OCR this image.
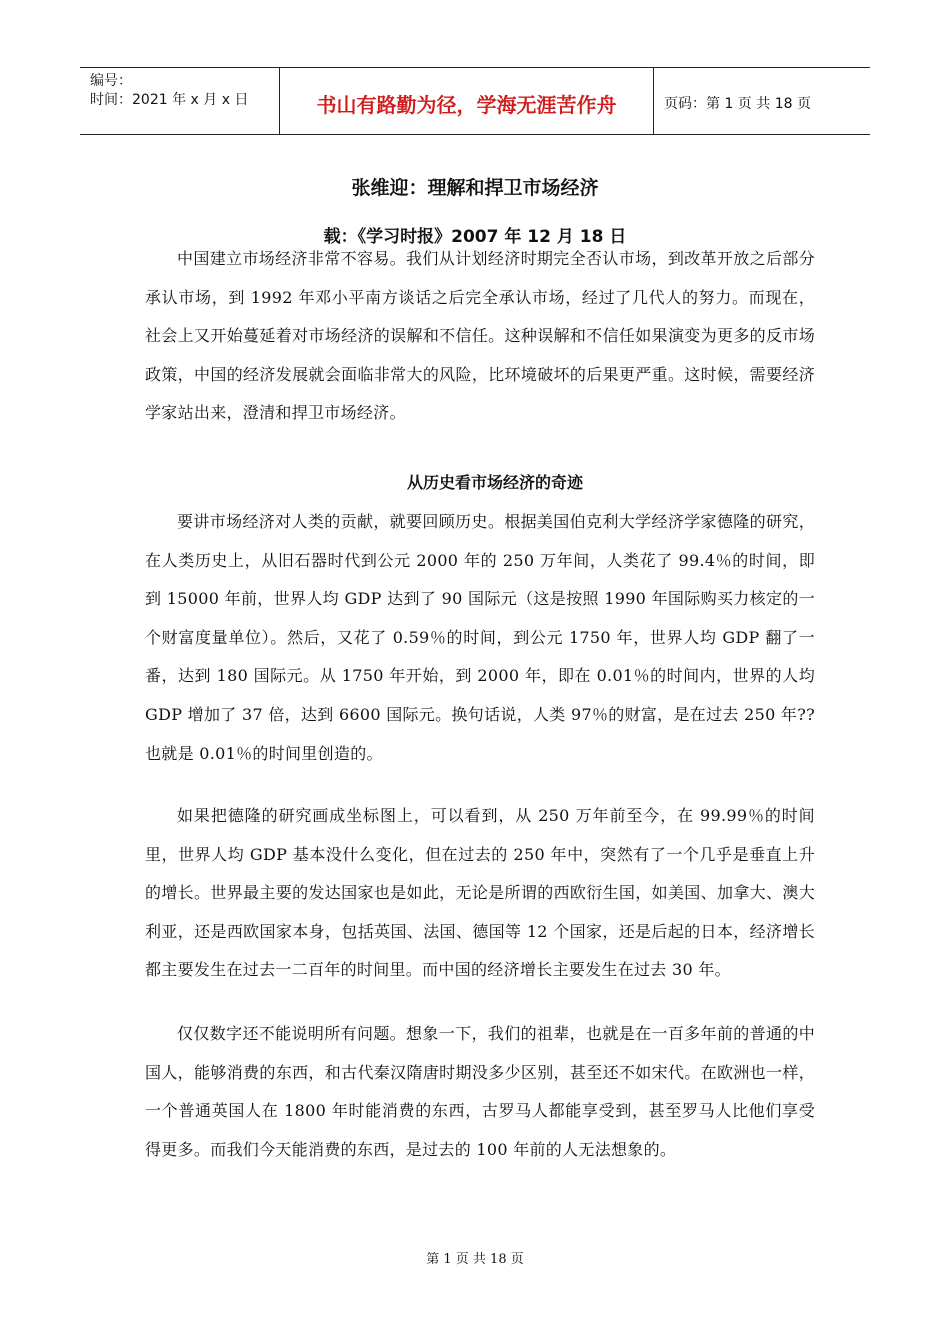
编号：
时间：2021 年 x 月 x 日	书山有路勤为径，学海无涯苦作舟	页码：第 1 页 共 18 页
张维迎：理解和捍卫市场经济
载：《学习时报》2007 年 12 月 18 日

中国建立市场经济非常不容易。我们从计划经济时期完全否认市场，到改革开放之后部分承认市场，到 1992 年邓小平南方谈话之后完全承认市场，经过了几代人的努力。而现在，社会上又开始蔓延着对市场经济的误解和不信任。这种误解和不信任如果演变为更多的反市场政策，中国的经济发展就会面临非常大的风险，比环境破坏的后果更严重。这时候，需要经济学家站出来，澄清和捍卫市场经济。

从历史看市场经济的奇迹

要讲市场经济对人类的贡献，就要回顾历史。根据美国伯克利大学经济学家德隆的研究，在人类历史上，从旧石器时代到公元 2000 年的 250 万年间，人类花了 99.4％的时间，即到 15000 年前，世界人均 GDP 达到了 90 国际元（这是按照 1990 年国际购买力核定的一个财富度量单位）。然后，又花了 0.59％的时间，到公元 1750 年，世界人均 GDP 翻了一番，达到 180 国际元。从 1750 年开始，到 2000 年，即在 0.01％的时间内，世界的人均 GDP 增加了 37 倍，达到 6600 国际元。换句话说，人类 97％的财富，是在过去 250 年??也就是 0.01％的时间里创造的。

如果把德隆的研究画成坐标图上，可以看到，从 250 万年前至今，在 99.99％的时间里，世界人均 GDP 基本没什么变化，但在过去的 250 年中，突然有了一个几乎是垂直上升的增长。世界最主要的发达国家也是如此，无论是所谓的西欧衍生国，如美国、加拿大、澳大利亚，还是西欧国家本身，包括英国、法国、德国等 12 个国家，还是后起的日本，经济增长都主要发生在过去一二百年的时间里。而中国的经济增长主要发生在过去 30 年。

仅仅数字还不能说明所有问题。想象一下，我们的祖辈，也就是在一百多年前的普通的中国人，能够消费的东西，和古代秦汉隋唐时期没多少区别，甚至还不如宋代。在欧洲也一样，一个普通英国人在 1800 年时能消费的东西，古罗马人都能享受到，甚至罗马人比他们享受得更多。而我们今天能消费的东西，是过去的 100 年前的人无法想象的。

第 1 页 共 18 页
